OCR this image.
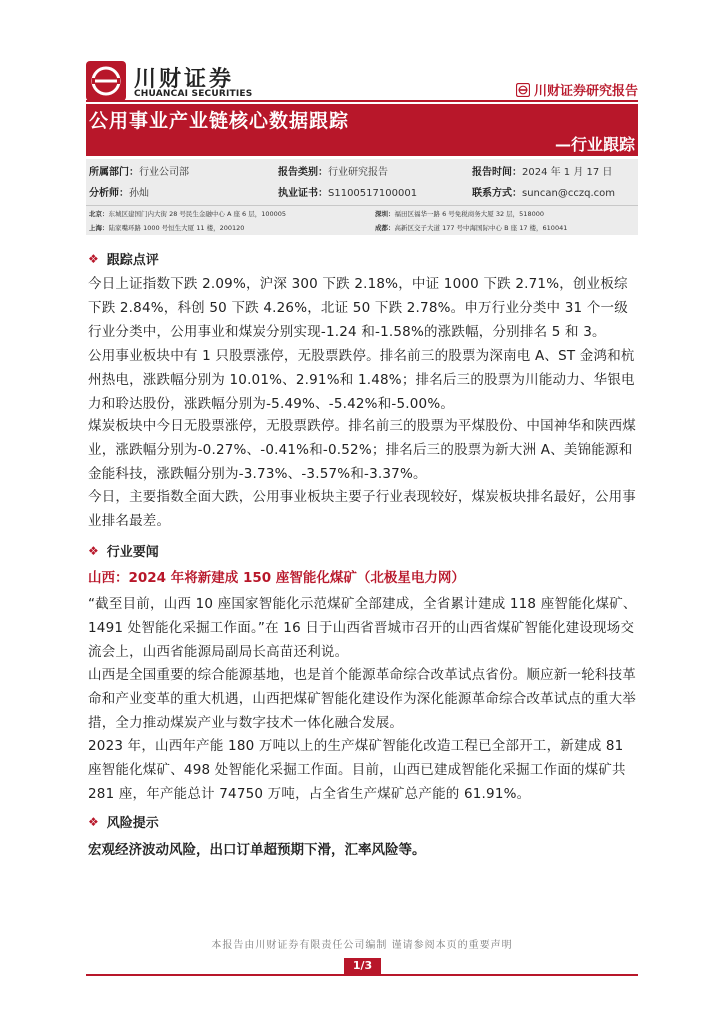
川财证券
CHUANCAI SECURITIES	川财证券研究报告
公用事业产业链核心数据跟踪
—行业跟踪
所属部门：行业公司部	报告类别：行业研究报告	报告时间：2024 年 1 月 17 日
分析师：孙灿	执业证书：S1100517100001	联系方式：suncan@cczq.com
北京：东城区建国门内大街 28 号民生金融中心 A 座 6 层，100005	深圳：福田区福华一路 6 号免税商务大厦 32 层，518000
上海：陆家嘴环路 1000 号恒生大厦 11 楼，200120	成都：高新区交子大道 177 号中海国际中心 B 座 17 楼，610041
❖ 跟踪点评
今日上证指数下跌 2.09%，沪深 300 下跌 2.18%，中证 1000 下跌 2.71%，创业板综下跌 2.84%，科创 50 下跌 4.26%，北证 50 下跌 2.78%。申万行业分类中 31 个一级行业分类中，公用事业和煤炭分别实现-1.24 和-1.58%的涨跌幅，分别排名 5 和 3。
公用事业板块中有 1 只股票涨停，无股票跌停。排名前三的股票为深南电 A、ST 金鸿和杭州热电，涨跌幅分别为 10.01%、2.91%和 1.48%；排名后三的股票为川能动力、华银电力和聆达股份，涨跌幅分别为-5.49%、-5.42%和-5.00%。
煤炭板块中今日无股票涨停，无股票跌停。排名前三的股票为平煤股份、中国神华和陕西煤业，涨跌幅分别为-0.27%、-0.41%和-0.52%；排名后三的股票为新大洲 A、美锦能源和金能科技，涨跌幅分别为-3.73%、-3.57%和-3.37%。
今日，主要指数全面大跌，公用事业板块主要子行业表现较好，煤炭板块排名最好，公用事业排名最差。
❖ 行业要闻
山西：2024 年将新建成 150 座智能化煤矿（北极星电力网）
“截至目前，山西 10 座国家智能化示范煤矿全部建成，全省累计建成 118 座智能化煤矿、1491 处智能化采掘工作面。”在 16 日于山西省晋城市召开的山西省煤矿智能化建设现场交流会上，山西省能源局副局长高苗还利说。
山西是全国重要的综合能源基地，也是首个能源革命综合改革试点省份。顺应新一轮科技革命和产业变革的重大机遇，山西把煤矿智能化建设作为深化能源革命综合改革试点的重大举措，全力推动煤炭产业与数字技术一体化融合发展。
2023 年，山西年产能 180 万吨以上的生产煤矿智能化改造工程已全部开工，新建成 81 座智能化煤矿、498 处智能化采掘工作面。目前，山西已建成智能化采掘工作面的煤矿共 281 座，年产能总计 74750 万吨，占全省生产煤矿总产能的 61.91%。
❖ 风险提示
宏观经济波动风险，出口订单超预期下滑，汇率风险等。
本报告由川财证券有限责任公司编制 谨请参阅本页的重要声明
1/3
